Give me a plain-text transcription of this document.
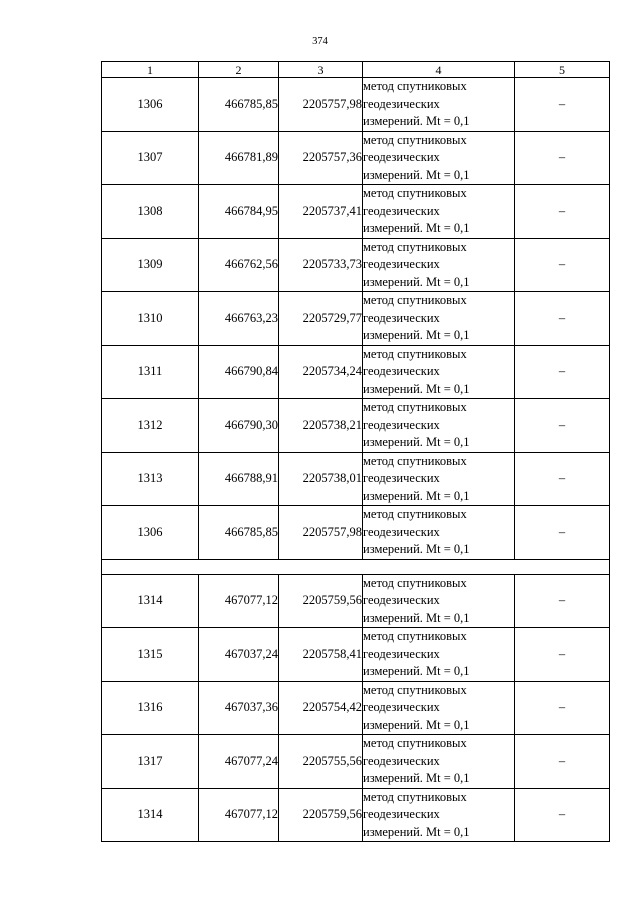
374
1	2	3	4	5
1306	466785,85	2205757,98	метод спутниковых
геодезических
измерений. Mt = 0,1	–
1307	466781,89	2205757,36	метод спутниковых
геодезических
измерений. Mt = 0,1	–
1308	466784,95	2205737,41	метод спутниковых
геодезических
измерений. Mt = 0,1	–
1309	466762,56	2205733,73	метод спутниковых
геодезических
измерений. Mt = 0,1	–
1310	466763,23	2205729,77	метод спутниковых
геодезических
измерений. Mt = 0,1	–
1311	466790,84	2205734,24	метод спутниковых
геодезических
измерений. Mt = 0,1	–
1312	466790,30	2205738,21	метод спутниковых
геодезических
измерений. Mt = 0,1	–
1313	466788,91	2205738,01	метод спутниковых
геодезических
измерений. Mt = 0,1	–
1306	466785,85	2205757,98	метод спутниковых
геодезических
измерений. Mt = 0,1	–

1314	467077,12	2205759,56	метод спутниковых
геодезических
измерений. Mt = 0,1	–
1315	467037,24	2205758,41	метод спутниковых
геодезических
измерений. Mt = 0,1	–
1316	467037,36	2205754,42	метод спутниковых
геодезических
измерений. Mt = 0,1	–
1317	467077,24	2205755,56	метод спутниковых
геодезических
измерений. Mt = 0,1	–
1314	467077,12	2205759,56	метод спутниковых
геодезических
измерений. Mt = 0,1	–
